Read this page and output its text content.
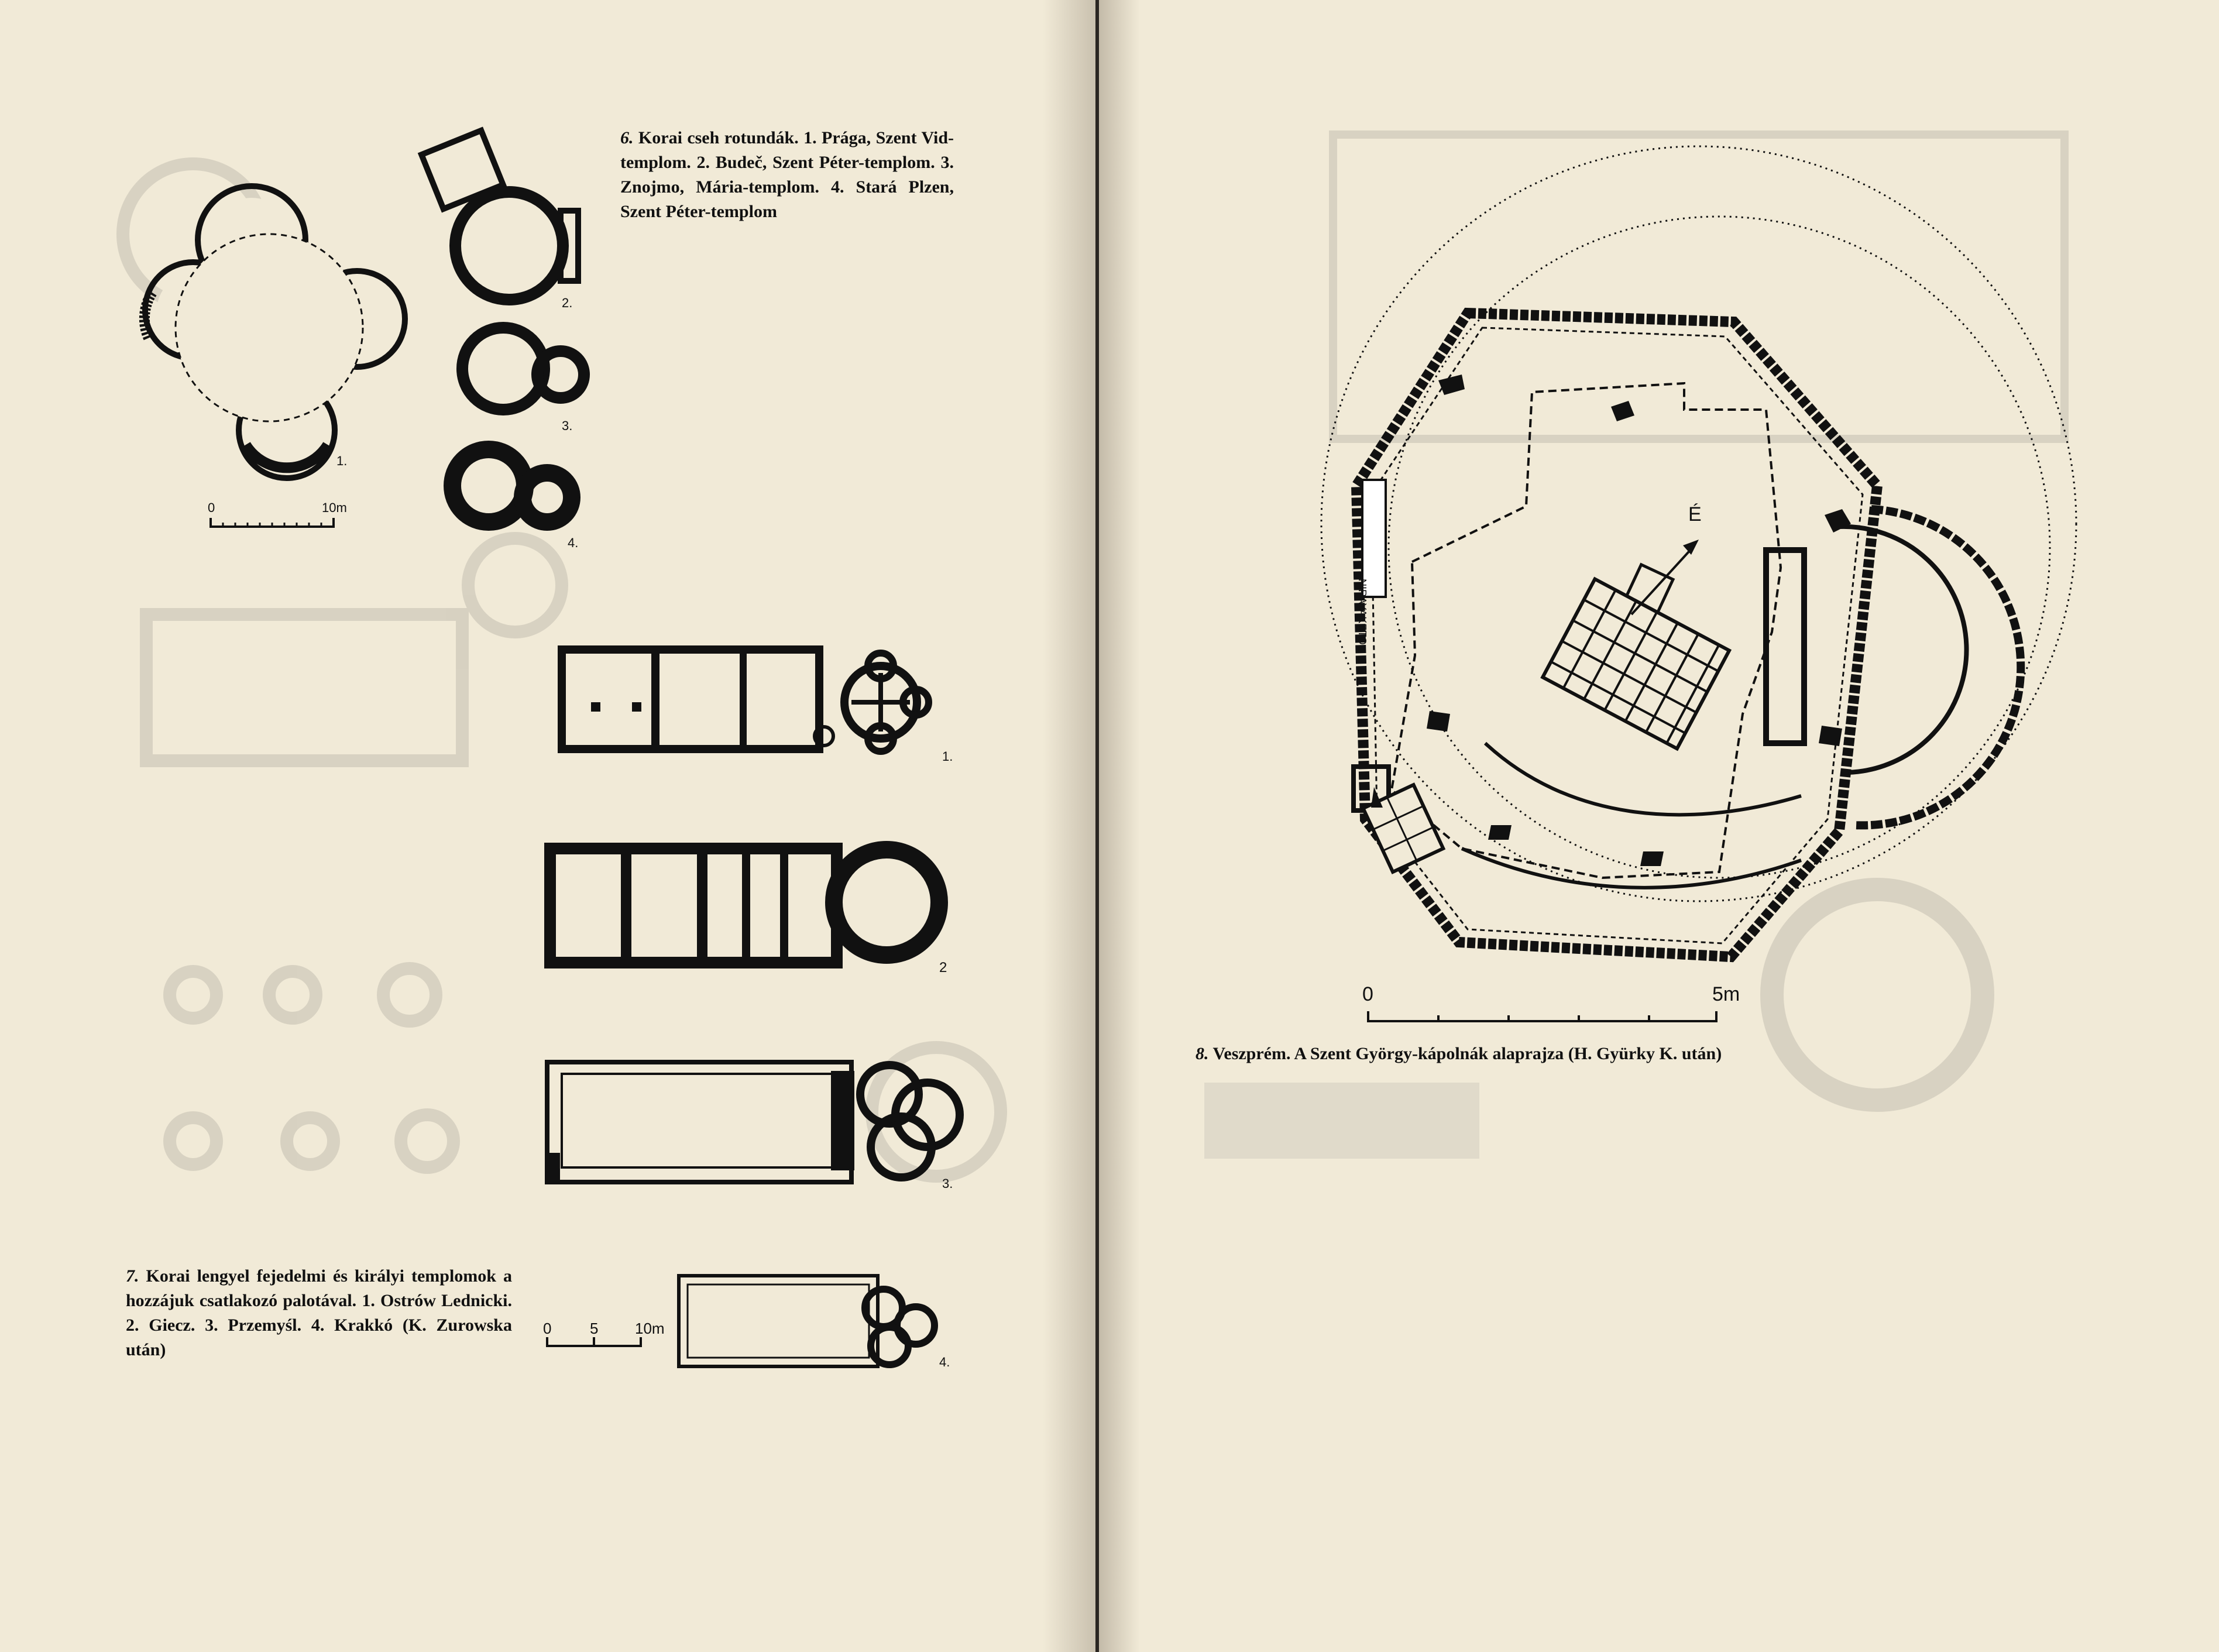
1.
2.
3.
4.
0	10m
1.
2
3.
4.
0	5 10m
6. Korai cseh rotundák. 1. Prága, Szent Vid-templom. 2. Budeč, Szent Péter-templom. 3. Znojmo, Mária-templom. 4. Stará Plzen, Szent Péter-templom
7. Korai lengyel fejedelmi és királyi templomok a hozzájuk csatlakozó palotával. 1. Ostrów Lednicki. 2. Giecz. 3. Przemyśl. 4. Krakkó (K. Zurowska után)
É
NIRAYAKETO
0	5m
8. Veszprém. A Szent György-kápolnák alaprajza (H. Gyürky K. után)
